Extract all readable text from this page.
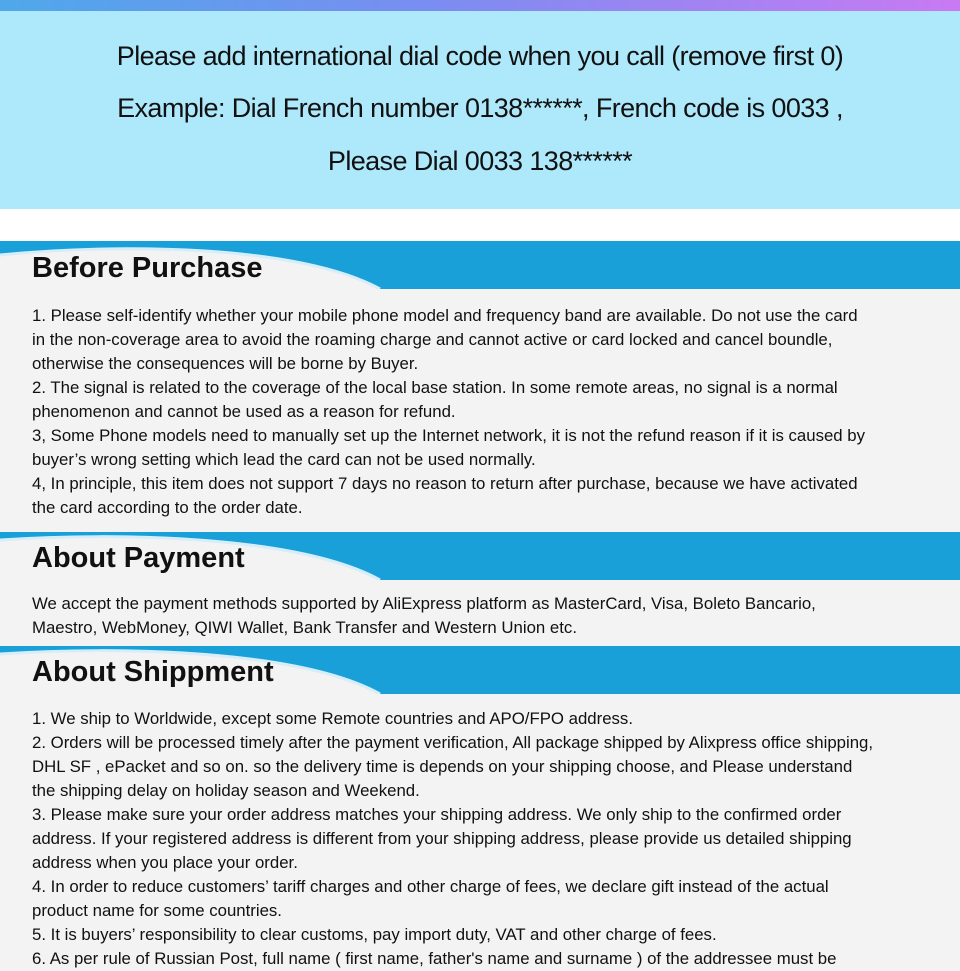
Please add international dial code when you call (remove first 0)
Example: Dial French number 0138******, French code is 0033 ,
Please Dial 0033 138******
Before Purchase
1. Please self-identify whether your mobile phone model and frequency band are available. Do not use the card
in the non-coverage area to avoid the roaming charge and cannot active or card locked and cancel boundle,
otherwise the consequences will be borne by Buyer.
2. The signal is related to the coverage of the local base station. In some remote areas, no signal is a normal
phenomenon and cannot be used as a reason for refund.
3, Some Phone models need to manually set up the Internet network, it is not the refund reason if it is caused by
buyer’s wrong setting which lead the card can not be used normally.
4, In principle, this item does not support 7 days no reason to return after purchase, because we have activated
the card according to the order date.
About Payment
We accept the payment methods supported by AliExpress platform as MasterCard, Visa, Boleto Bancario,
Maestro, WebMoney, QIWI Wallet, Bank Transfer and Western Union etc.
About Shippment
1. We ship to Worldwide, except some Remote countries and APO/FPO address.
2. Orders will be processed timely after the payment verification, All package shipped by Alixpress office shipping,
DHL SF , ePacket and so on. so the delivery time is depends on your shipping choose, and Please understand
the shipping delay on holiday season and Weekend.
3. Please make sure your order address matches your shipping address. We only ship to the confirmed order
address. If your registered address is different from your shipping address, please provide us detailed shipping
address when you place your order.
4. In order to reduce customers’ tariff charges and other charge of fees, we declare gift instead of the actual
product name for some countries.
5. It is buyers’ responsibility to clear customs, pay import duty, VAT and other charge of fees.
6. As per rule of Russian Post, full name ( first name, father's name and surname ) of the addressee must be
